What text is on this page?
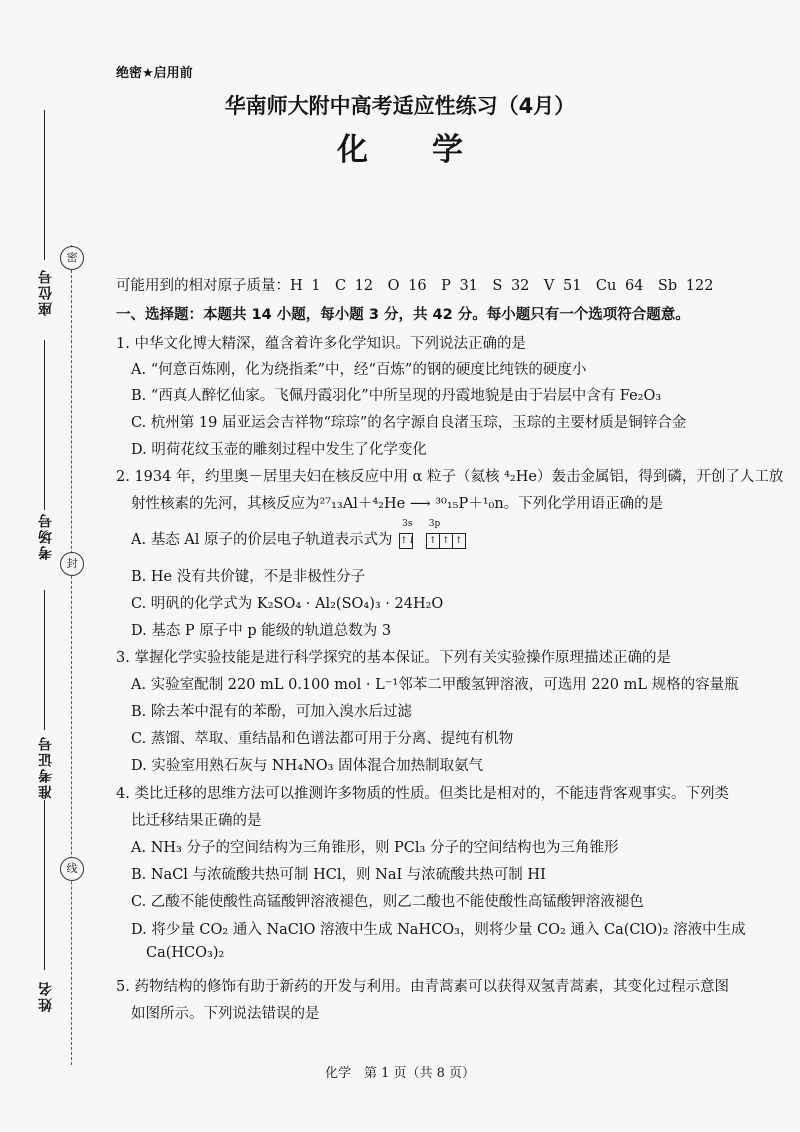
密
封
线
座位号
考场号
准考证号
姓名
绝密★启用前
华南师大附中高考适应性练习（4月）
化学
可能用到的相对原子质量：H 1　C 12　O 16　P 31　S 32　V 51　Cu 64　Sb 122
一、选择题：本题共 14 小题，每小题 3 分，共 42 分。每小题只有一个选项符合题意。
1. 中华文化博大精深，蕴含着许多化学知识。下列说法正确的是
A. “何意百炼刚，化为绕指柔”中，经“百炼”的钢的硬度比纯铁的硬度小
B. “西真人醉忆仙家。飞佩丹霞羽化”中所呈现的丹霞地貌是由于岩层中含有 Fe₂O₃
C. 杭州第 19 届亚运会吉祥物“琮琮”的名字源自良渚玉琮，玉琮的主要材质是铜锌合金
D. 明荷花纹玉壶的雕刻过程中发生了化学变化
2. 1934 年，约里奥－居里夫妇在核反应中用 α 粒子（氦核 ⁴₂He）轰击金属铝，得到磷，开创了人工放
射性核素的先河，其核反应为²⁷₁₃Al＋⁴₂He ⟶ ³⁰₁₅P＋¹₀n。下列化学用语正确的是
A. 基态 Al 原子的价层电子轨道表示式为
3s
↑↓

3p
↑ ↑ ↑
B. He 没有共价键，不是非极性分子
C. 明矾的化学式为 K₂SO₄ · Al₂(SO₄)₃ · 24H₂O
D. 基态 P 原子中 p 能级的轨道总数为 3
3. 掌握化学实验技能是进行科学探究的基本保证。下列有关实验操作原理描述正确的是
A. 实验室配制 220 mL 0.100 mol · L⁻¹邻苯二甲酸氢钾溶液，可选用 220 mL 规格的容量瓶
B. 除去苯中混有的苯酚，可加入溴水后过滤
C. 蒸馏、萃取、重结晶和色谱法都可用于分离、提纯有机物
D. 实验室用熟石灰与 NH₄NO₃ 固体混合加热制取氨气
4. 类比迁移的思维方法可以推测许多物质的性质。但类比是相对的，不能违背客观事实。下列类
比迁移结果正确的是
A. NH₃ 分子的空间结构为三角锥形，则 PCl₃ 分子的空间结构也为三角锥形
B. NaCl 与浓硫酸共热可制 HCl，则 NaI 与浓硫酸共热可制 HI
C. 乙酸不能使酸性高锰酸钾溶液褪色，则乙二酸也不能使酸性高锰酸钾溶液褪色
D. 将少量 CO₂ 通入 NaClO 溶液中生成 NaHCO₃，则将少量 CO₂ 通入 Ca(ClO)₂ 溶液中生成
Ca(HCO₃)₂
5. 药物结构的修饰有助于新药的开发与利用。由青蒿素可以获得双氢青蒿素，其变化过程示意图
如图所示。下列说法错误的是
化学　第 1 页（共 8 页）
